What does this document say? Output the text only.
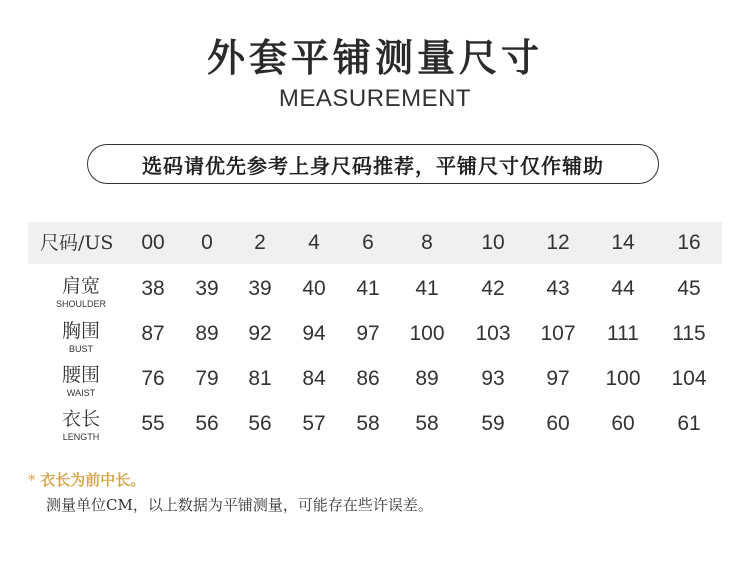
外套平铺测量尺寸
MEASUREMENT
选码请优先参考上身尺码推荐，平铺尺寸仅作辅助
尺码/US	00	0	2	4	6	8	10	12	14	16
肩宽
SHOULDER
38	39	39	40	41	41	42	43	44	45
胸围
BUST
87	89	92	94	97	100	103	107	111	115
腰围
WAIST
76	79	81	84	86	89	93	97	100	104
衣长
LENGTH
55	56	56	57	58	58	59	60	60	61
* 衣长为前中长。
测量单位CM，以上数据为平铺测量，可能存在些许误差。
